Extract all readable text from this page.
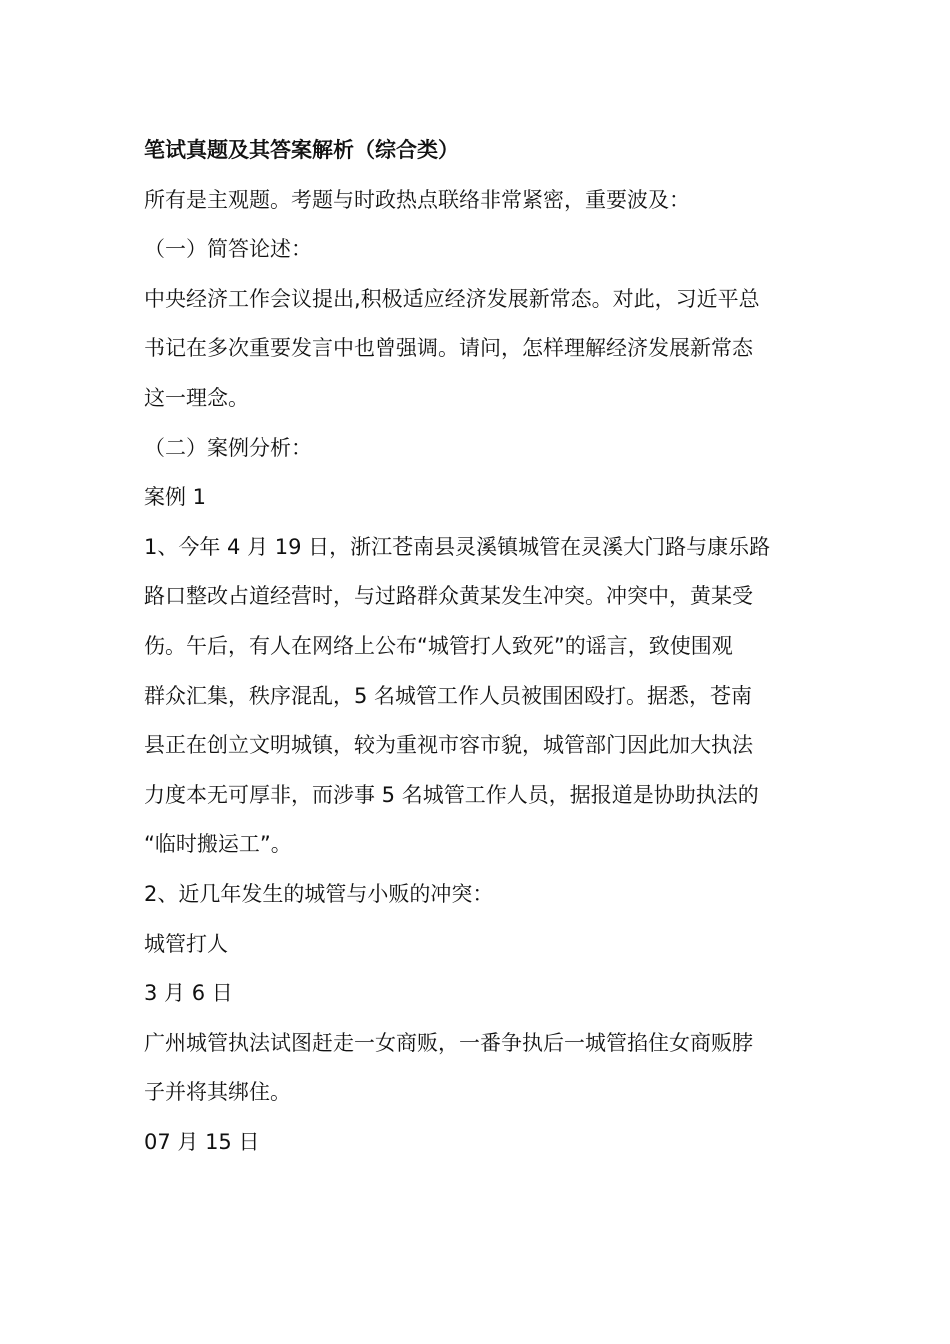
笔试真题及其答案解析（综合类）
所有是主观题。考题与时政热点联络非常紧密，重要波及：
（一）简答论述：
中央经济工作会议提出,积极适应经济发展新常态。对此，习近平总
书记在多次重要发言中也曾强调。请问，怎样理解经济发展新常态
这一理念。
（二）案例分析：
案例 1
1、今年 4 月 19 日，浙江苍南县灵溪镇城管在灵溪大门路与康乐路
路口整改占道经营时，与过路群众黄某发生冲突。冲突中，黄某受
伤。午后，有人在网络上公布“城管打人致死”的谣言，致使围观
群众汇集，秩序混乱，5 名城管工作人员被围困殴打。据悉，苍南
县正在创立文明城镇，较为重视市容市貌，城管部门因此加大执法
力度本无可厚非，而涉事 5 名城管工作人员，据报道是协助执法的
“临时搬运工”。
2、近几年发生的城管与小贩的冲突：
城管打人
3 月 6 日
广州城管执法试图赶走一女商贩，一番争执后一城管掐住女商贩脖
子并将其绑住。
07 月 15 日
